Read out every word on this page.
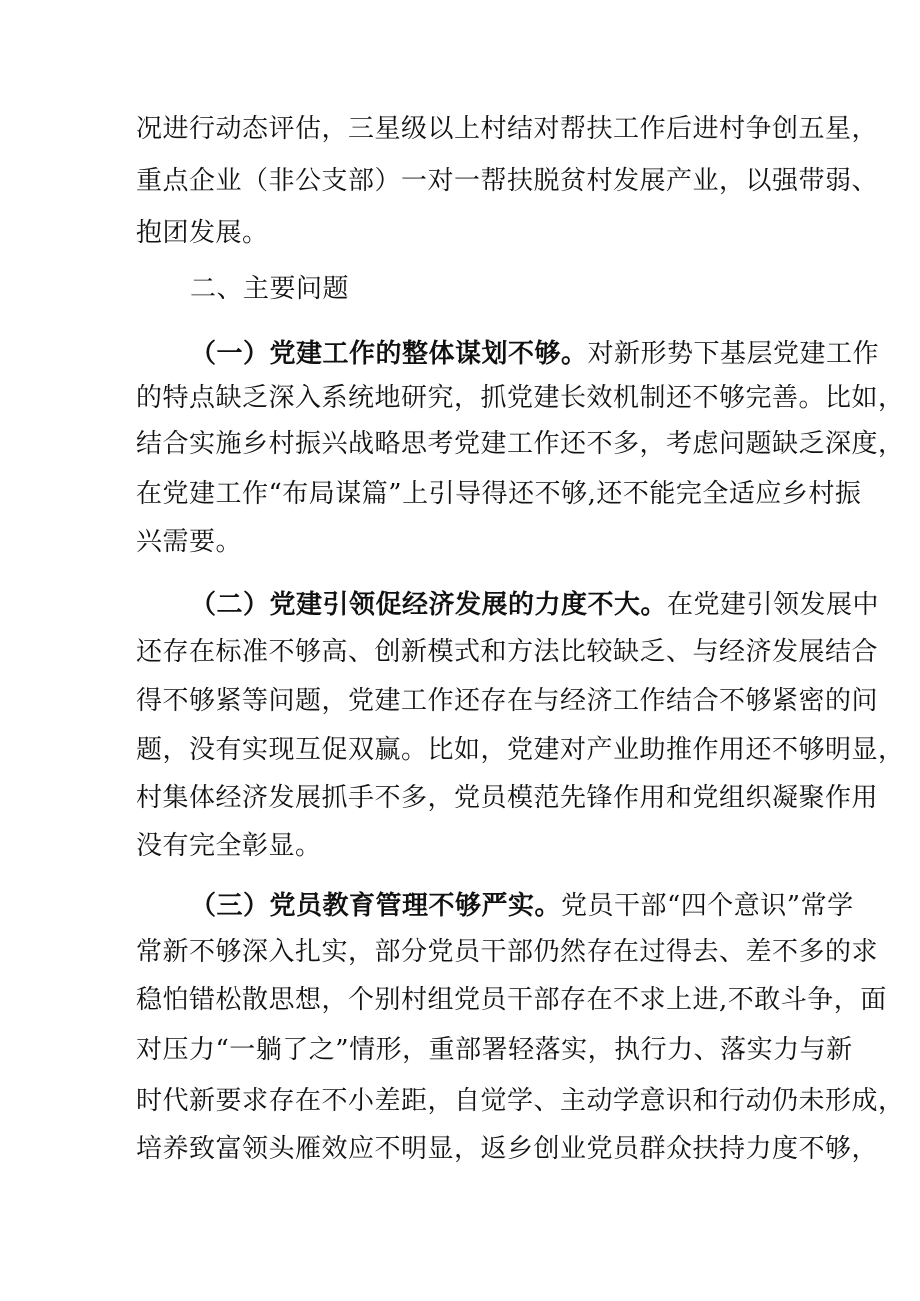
况进行动态评估，三星级以上村结对帮扶工作后进村争创五星，
重点企业（非公支部）一对一帮扶脱贫村发展产业，以强带弱、
抱团发展。
二、主要问题
（一）党建工作的整体谋划不够。对新形势下基层党建工作
的特点缺乏深入系统地研究，抓党建长效机制还不够完善。比如，
结合实施乡村振兴战略思考党建工作还不多，考虑问题缺乏深度，
在党建工作“布局谋篇”上引导得还不够,还不能完全适应乡村振
兴需要。
（二）党建引领促经济发展的力度不大。在党建引领发展中
还存在标准不够高、创新模式和方法比较缺乏、与经济发展结合
得不够紧等问题，党建工作还存在与经济工作结合不够紧密的问
题，没有实现互促双赢。比如，党建对产业助推作用还不够明显，
村集体经济发展抓手不多，党员模范先锋作用和党组织凝聚作用
没有完全彰显。
（三）党员教育管理不够严实。党员干部“四个意识”常学
常新不够深入扎实，部分党员干部仍然存在过得去、差不多的求
稳怕错松散思想，个别村组党员干部存在不求上进,不敢斗争，面
对压力“一躺了之”情形，重部署轻落实，执行力、落实力与新
时代新要求存在不小差距，自觉学、主动学意识和行动仍未形成，
培养致富领头雁效应不明显，返乡创业党员群众扶持力度不够，
